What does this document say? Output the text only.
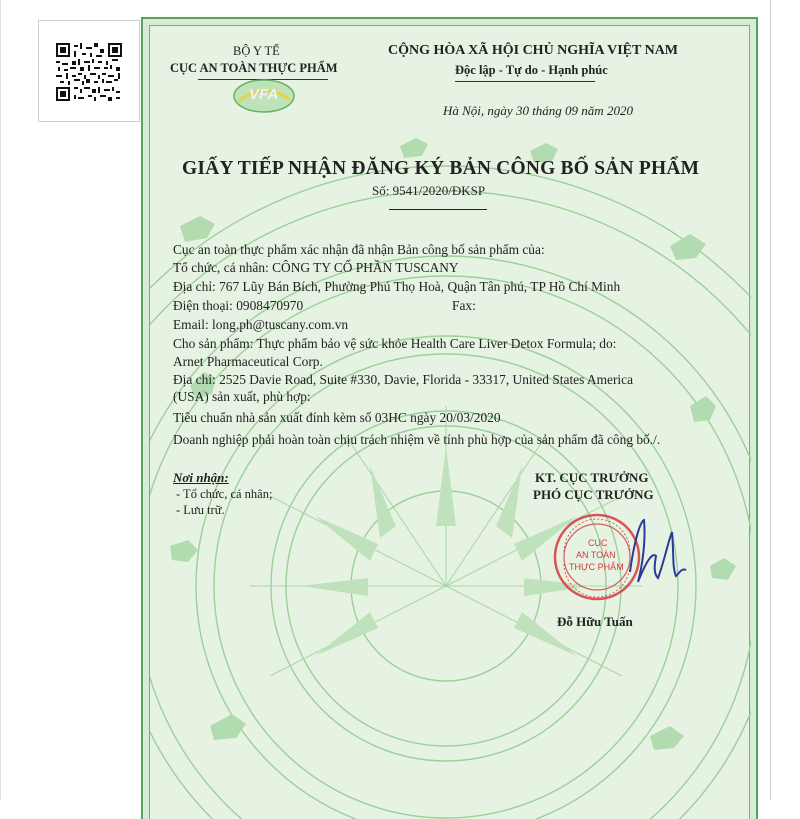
BỘ Y TẾ
CỤC AN TOÀN THỰC PHẨM
VFA
CỘNG HÒA XÃ HỘI CHỦ NGHĨA VIỆT NAM
Độc lập - Tự do - Hạnh phúc
Hà Nội, ngày 30 tháng 09 năm 2020
GIẤY TIẾP NHẬN ĐĂNG KÝ BẢN CÔNG BỐ SẢN PHẨM
Số: 9541/2020/ĐKSP
Cục an toàn thực phẩm xác nhận đã nhận Bản công bố sản phẩm của:
Tổ chức, cá nhân: CÔNG TY CỔ PHẦN TUSCANY
Địa chỉ: 767 Lũy Bán Bích, Phường Phú Thọ Hoà, Quận Tân phú, TP Hồ Chí Minh
Điện thoại: 0908470970	Fax:
Email: long.ph@tuscany.com.vn
Cho sản phẩm: Thực phẩm bảo vệ sức khỏe Health Care Liver Detox Formula; do:
Arnet Pharmaceutical Corp.
Địa chỉ: 2525 Davie Road, Suite #330, Davie, Florida - 33317, United States America
(USA) sản xuất, phù hợp:
Tiêu chuẩn nhà sản xuất đính kèm số 03HC ngày 20/03/2020
Doanh nghiệp phải hoàn toàn chịu trách nhiệm về tính phù hợp của sản phẩm đã công bố./.
Nơi nhận:
- Tổ chức, cá nhân;
- Lưu trữ.
KT. CỤC TRƯỞNG
PHÓ CỤC TRƯỞNG
CỤC
AN TOÀN
THỰC PHẨM
Đỗ Hữu Tuấn
